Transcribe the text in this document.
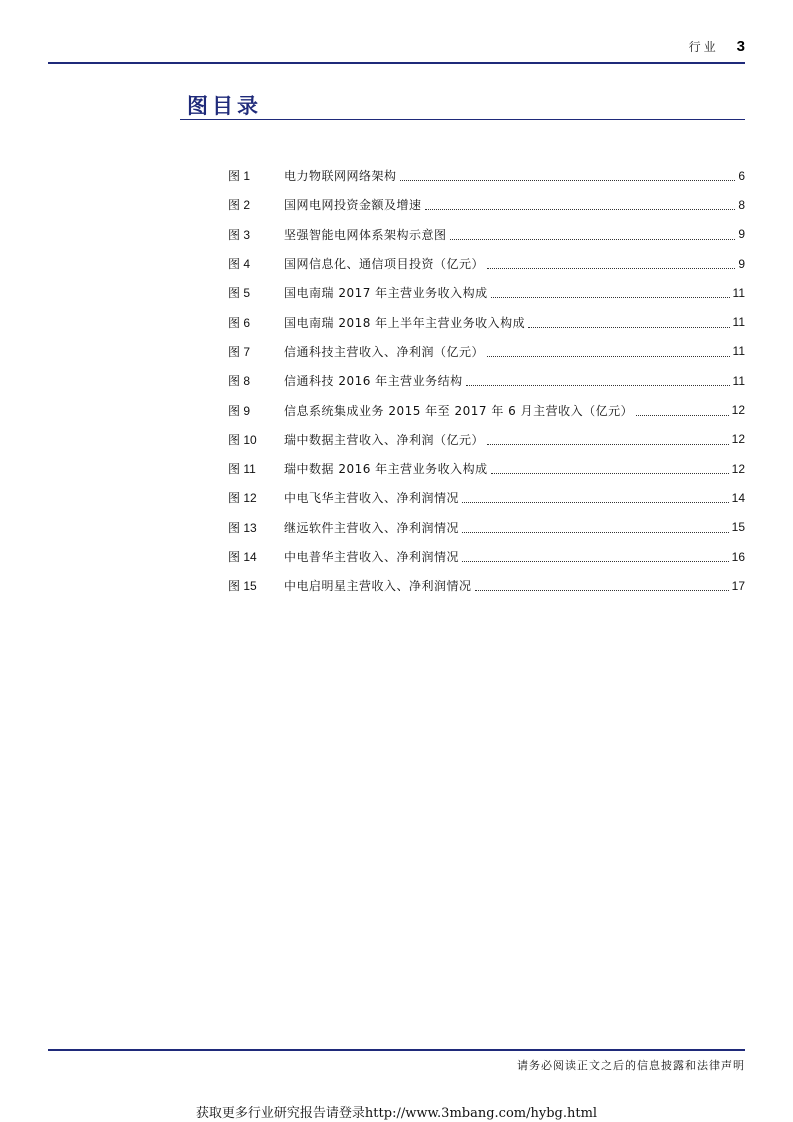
行业 3
图目录
图 1	电力物联网网络架构	6
图 2	国网电网投资金额及增速	8
图 3	坚强智能电网体系架构示意图	9
图 4	国网信息化、通信项目投资（亿元）	9
图 5	国电南瑞 2017 年主营业务收入构成	11
图 6	国电南瑞 2018 年上半年主营业务收入构成	11
图 7	信通科技主营收入、净利润（亿元）	11
图 8	信通科技 2016 年主营业务结构	11
图 9	信息系统集成业务 2015 年至 2017 年 6 月主营收入（亿元）	12
图 10	瑞中数据主营收入、净利润（亿元）	12
图 11	瑞中数据 2016 年主营业务收入构成	12
图 12	中电飞华主营收入、净利润情况	14
图 13	继远软件主营收入、净利润情况	15
图 14	中电普华主营收入、净利润情况	16
图 15	中电启明星主营收入、净利润情况	17
请务必阅读正文之后的信息披露和法律声明
获取更多行业研究报告请登录http://www.3mbang.com/hybg.html
